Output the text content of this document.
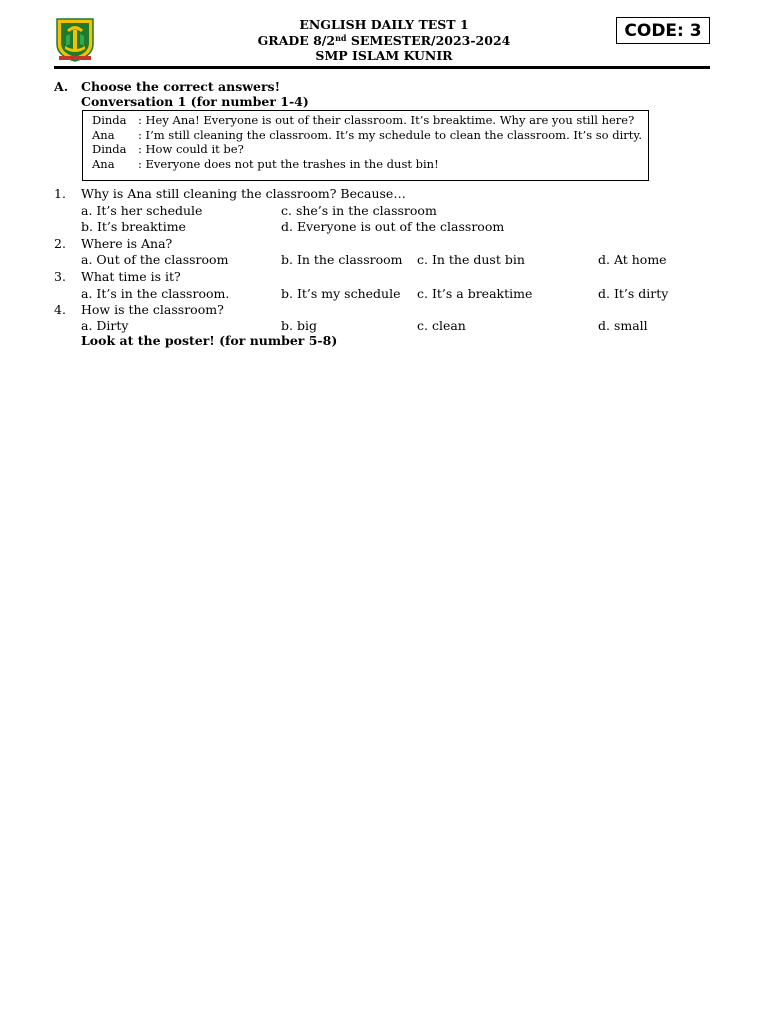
ENGLISH DAILY TEST 1
GRADE 8/2nd SEMESTER/2023-2024
SMP ISLAM KUNIR
CODE: 3
A. Choose the correct answers!
Conversation 1 (for number 1-4)
Dinda : Hey Ana! Everyone is out of their classroom. It’s breaktime. Why are you still here?
Ana : I’m still cleaning the classroom. It’s my schedule to clean the classroom. It’s so dirty.
Dinda : How could it be?
Ana : Everyone does not put the trashes in the dust bin!
1. Why is Ana still cleaning the classroom? Because…
a. It’s her schedule	c. she’s in the classroom
b. It’s breaktime	d. Everyone is out of the classroom
2. Where is Ana?
a. Out of the classroom	b. In the classroom c. In the dust bin	d. At home
3. What time is it?
a. It’s in the classroom.	b. It’s my schedule c. It’s a breaktime	d. It’s dirty
4. How is the classroom?
a. Dirty	b. big	c. clean	d. small
Look at the poster! (for number 5-8)
